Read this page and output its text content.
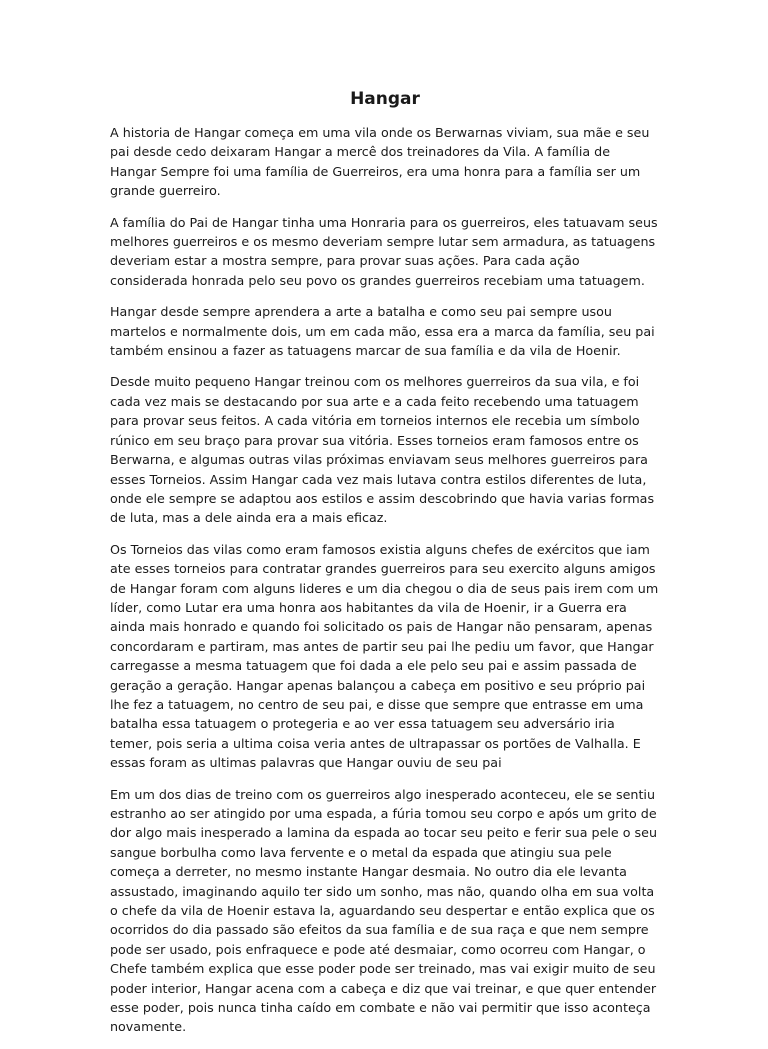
Hangar

A historia de Hangar começa em uma vila onde os Berwarnas viviam, sua mãe e seu pai desde cedo deixaram Hangar a mercê dos treinadores da Vila. A família de Hangar Sempre foi uma família de Guerreiros, era uma honra para a família ser um grande guerreiro.

A família do Pai de Hangar tinha uma Honraria para os guerreiros, eles tatuavam seus melhores guerreiros e os mesmo deveriam sempre lutar sem armadura, as tatuagens deveriam estar a mostra sempre, para provar suas ações. Para cada ação considerada honrada pelo seu povo os grandes guerreiros recebiam uma tatuagem.

Hangar desde sempre aprendera a arte a batalha e como seu pai sempre usou martelos e normalmente dois, um em cada mão, essa era a marca da família, seu pai também ensinou a fazer as tatuagens marcar de sua família e da vila de Hoenir.

Desde muito pequeno Hangar treinou com os melhores guerreiros da sua vila, e foi cada vez mais se destacando por sua arte e a cada feito recebendo uma tatuagem para provar seus feitos. A cada vitória em torneios internos ele recebia um símbolo rúnico em seu braço para provar sua vitória. Esses torneios eram famosos entre os Berwarna, e algumas outras vilas próximas enviavam seus melhores guerreiros para esses Torneios. Assim Hangar cada vez mais lutava contra estilos diferentes de luta, onde ele sempre se adaptou aos estilos e assim descobrindo que havia varias formas de luta, mas a dele ainda era a mais eficaz.

Os Torneios das vilas como eram famosos existia alguns chefes de exércitos que iam ate esses torneios para contratar grandes guerreiros para seu exercito alguns amigos de Hangar foram com alguns lideres e um dia chegou o dia de seus pais irem com um líder, como Lutar era uma honra aos habitantes da vila de Hoenir, ir a Guerra era ainda mais honrado e quando foi solicitado os pais de Hangar não pensaram, apenas concordaram e partiram, mas antes de partir seu pai lhe pediu um favor, que Hangar carregasse a mesma tatuagem que foi dada a ele pelo seu pai e assim passada de geração a geração. Hangar apenas balançou a cabeça em positivo e seu próprio pai lhe fez a tatuagem, no centro de seu pai, e disse que sempre que entrasse em uma batalha essa tatuagem o protegeria e ao ver essa tatuagem seu adversário iria temer, pois seria a ultima coisa veria antes de ultrapassar os portões de Valhalla. E essas foram as ultimas palavras que Hangar ouviu de seu pai

Em um dos dias de treino com os guerreiros algo inesperado aconteceu, ele se sentiu estranho ao ser atingido por uma espada, a fúria tomou seu corpo e após um grito de dor algo mais inesperado a lamina da espada ao tocar seu peito e ferir sua pele o seu sangue borbulha como lava fervente e o metal da espada que atingiu sua pele começa a derreter, no mesmo instante Hangar desmaia. No outro dia ele levanta assustado, imaginando aquilo ter sido um sonho, mas não, quando olha em sua volta o chefe da vila de Hoenir estava la, aguardando seu despertar e então explica que os ocorridos do dia passado são efeitos da sua família e de sua raça e que nem sempre pode ser usado, pois enfraquece e pode até desmaiar, como ocorreu com Hangar, o Chefe também explica que esse poder pode ser treinado, mas vai exigir muito de seu poder interior, Hangar acena com a cabeça e diz que vai treinar, e que quer entender esse poder, pois nunca tinha caído em combate e não vai permitir que isso aconteça novamente.
